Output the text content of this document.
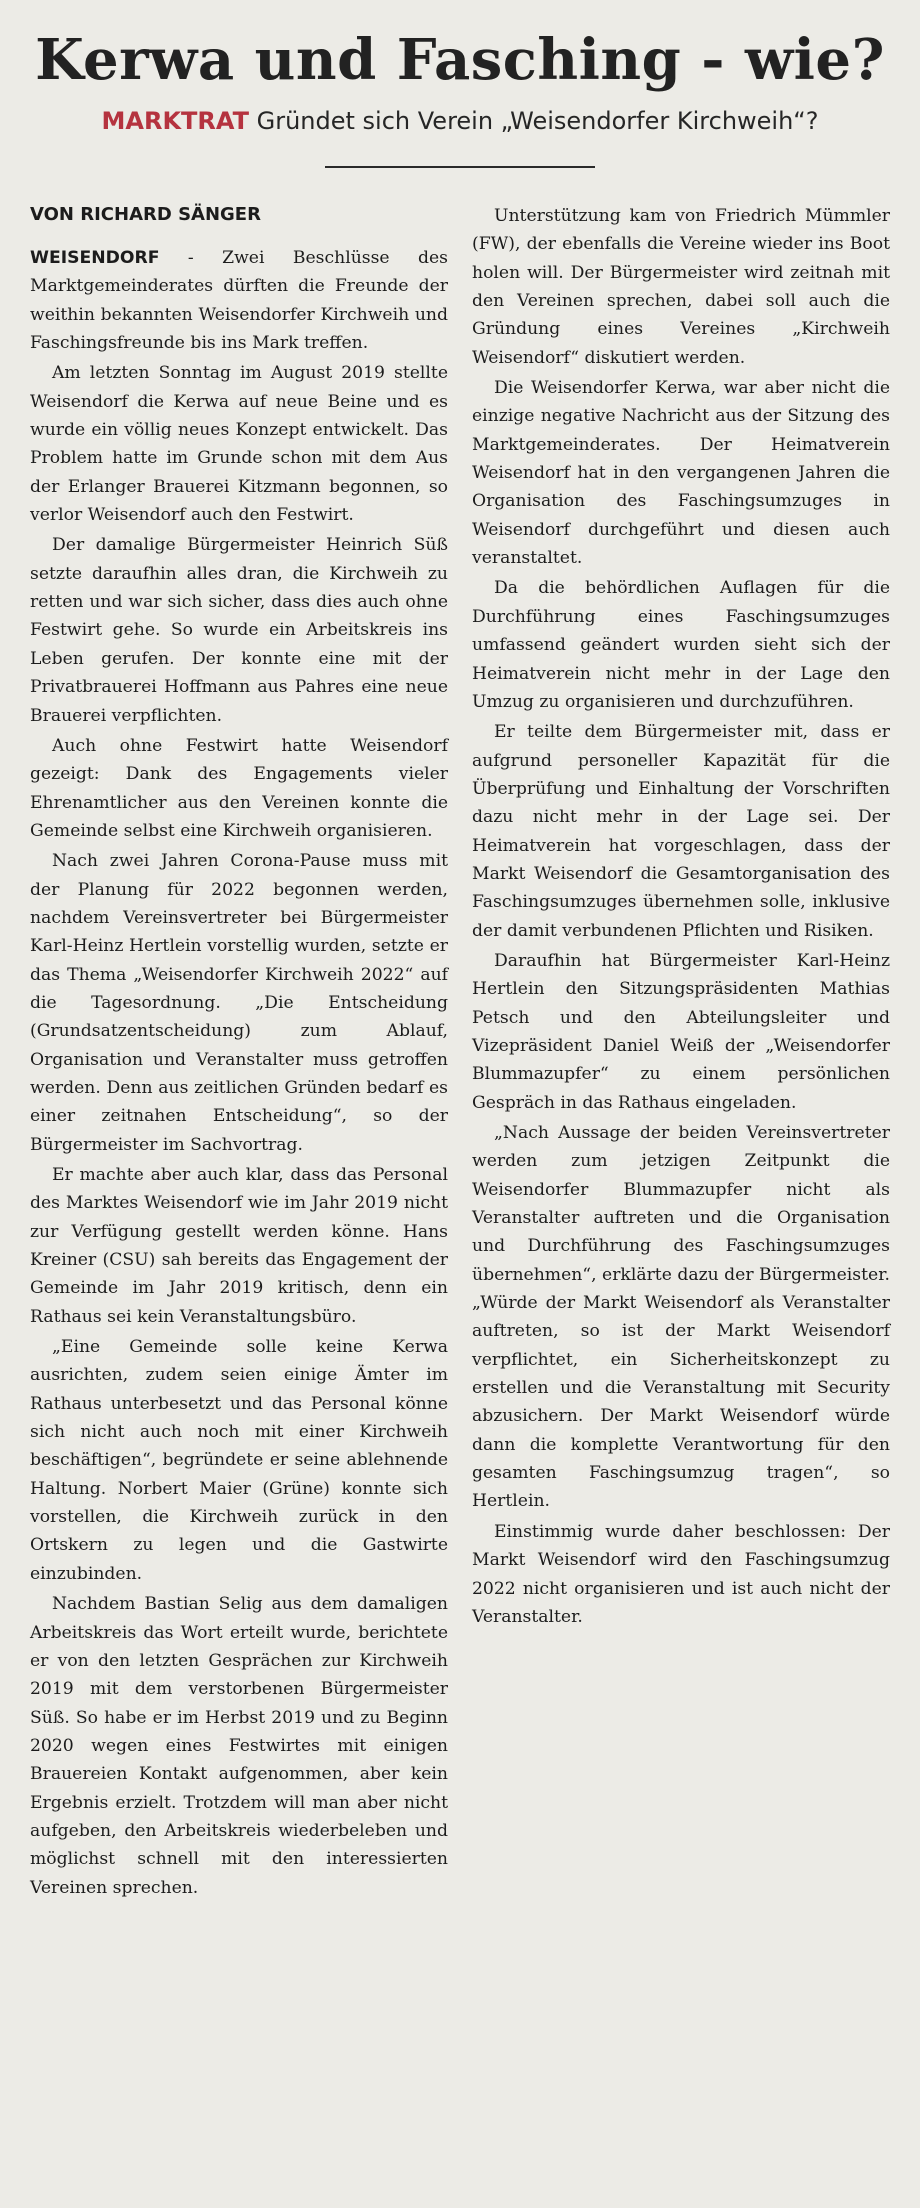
Kerwa und Fasching - wie?
MARKTRAT Gründet sich Verein „Weisendorfer Kirchweih“?
VON RICHARD SÄNGER

WEISENDORF - Zwei Beschlüsse des Marktgemeinderates dürften die Freunde der weithin bekannten Weisendorfer Kirchweih und Faschingsfreunde bis ins Mark treffen.

Am letzten Sonntag im August 2019 stellte Weisendorf die Kerwa auf neue Beine und es wurde ein völlig neues Konzept entwickelt. Das Problem hatte im Grunde schon mit dem Aus der Erlanger Brauerei Kitzmann begonnen, so verlor Weisendorf auch den Festwirt.

Der damalige Bürgermeister Heinrich Süß setzte daraufhin alles dran, die Kirchweih zu retten und war sich sicher, dass dies auch ohne Festwirt gehe. So wurde ein Arbeitskreis ins Leben gerufen. Der konnte eine mit der Privatbrauerei Hoffmann aus Pahres eine neue Brauerei verpflichten.

Auch ohne Festwirt hatte Weisendorf gezeigt: Dank des Engagements vieler Ehrenamtlicher aus den Vereinen konnte die Gemeinde selbst eine Kirchweih organisieren.

Nach zwei Jahren Corona-Pause muss mit der Planung für 2022 begonnen werden, nachdem Vereinsvertreter bei Bürgermeister Karl-Heinz Hertlein vorstellig wurden, setzte er das Thema „Weisendorfer Kirchweih 2022“ auf die Tagesordnung. „Die Entscheidung (Grundsatzentscheidung) zum Ablauf, Organisation und Veranstalter muss getroffen werden. Denn aus zeitlichen Gründen bedarf es einer zeitnahen Entscheidung“, so der Bürgermeister im Sachvortrag.

Er machte aber auch klar, dass das Personal des Marktes Weisendorf wie im Jahr 2019 nicht zur Verfügung gestellt werden könne. Hans Kreiner (CSU) sah bereits das Engagement der Gemeinde im Jahr 2019 kritisch, denn ein Rathaus sei kein Veranstaltungsbüro.

„Eine Gemeinde solle keine Kerwa ausrichten, zudem seien einige Ämter im Rathaus unterbesetzt und das Personal könne sich nicht auch noch mit einer Kirchweih beschäftigen“, begründete er seine ablehnende Haltung. Norbert Maier (Grüne) konnte sich vorstellen, die Kirchweih zurück in den Ortskern zu legen und die Gastwirte einzubinden.

Nachdem Bastian Selig aus dem damaligen Arbeitskreis das Wort erteilt wurde, berichtete er von den letzten Gesprächen zur Kirchweih 2019 mit dem verstorbenen Bürgermeister Süß. So habe er im Herbst 2019 und zu Beginn 2020 wegen eines Festwirtes mit einigen Brauereien Kontakt aufgenommen, aber kein Ergebnis erzielt. Trotzdem will man aber nicht aufgeben, den Arbeitskreis wiederbeleben und möglichst schnell mit den interessierten Vereinen sprechen.

Unterstützung kam von Friedrich Mümmler (FW), der ebenfalls die Vereine wieder ins Boot holen will. Der Bürgermeister wird zeitnah mit den Vereinen sprechen, dabei soll auch die Gründung eines Vereines „Kirchweih Weisendorf“ diskutiert werden.

Die Weisendorfer Kerwa, war aber nicht die einzige negative Nachricht aus der Sitzung des Marktgemeinderates. Der Heimatverein Weisendorf hat in den vergangenen Jahren die Organisation des Faschingsumzuges in Weisendorf durchgeführt und diesen auch veranstaltet.

Da die behördlichen Auflagen für die Durchführung eines Faschingsumzuges umfassend geändert wurden sieht sich der Heimatverein nicht mehr in der Lage den Umzug zu organisieren und durchzuführen.

Er teilte dem Bürgermeister mit, dass er aufgrund personeller Kapazität für die Überprüfung und Einhaltung der Vorschriften dazu nicht mehr in der Lage sei. Der Heimatverein hat vorgeschlagen, dass der Markt Weisendorf die Gesamtorganisation des Faschingsumzuges übernehmen solle, inklusive der damit verbundenen Pflichten und Risiken.

Daraufhin hat Bürgermeister Karl-Heinz Hertlein den Sitzungspräsidenten Mathias Petsch und den Abteilungsleiter und Vizepräsident Daniel Weiß der „Weisendorfer Blummazupfer“ zu einem persönlichen Gespräch in das Rathaus eingeladen.

„Nach Aussage der beiden Vereinsvertreter werden zum jetzigen Zeitpunkt die Weisendorfer Blummazupfer nicht als Veranstalter auftreten und die Organisation und Durchführung des Faschingsumzuges übernehmen“, erklärte dazu der Bürgermeister. „Würde der Markt Weisendorf als Veranstalter auftreten, so ist der Markt Weisendorf verpflichtet, ein Sicherheitskonzept zu erstellen und die Veranstaltung mit Security abzusichern. Der Markt Weisendorf würde dann die komplette Verantwortung für den gesamten Faschingsumzug tragen“, so Hertlein.

Einstimmig wurde daher beschlossen: Der Markt Weisendorf wird den Faschingsumzug 2022 nicht organisieren und ist auch nicht der Veranstalter.
